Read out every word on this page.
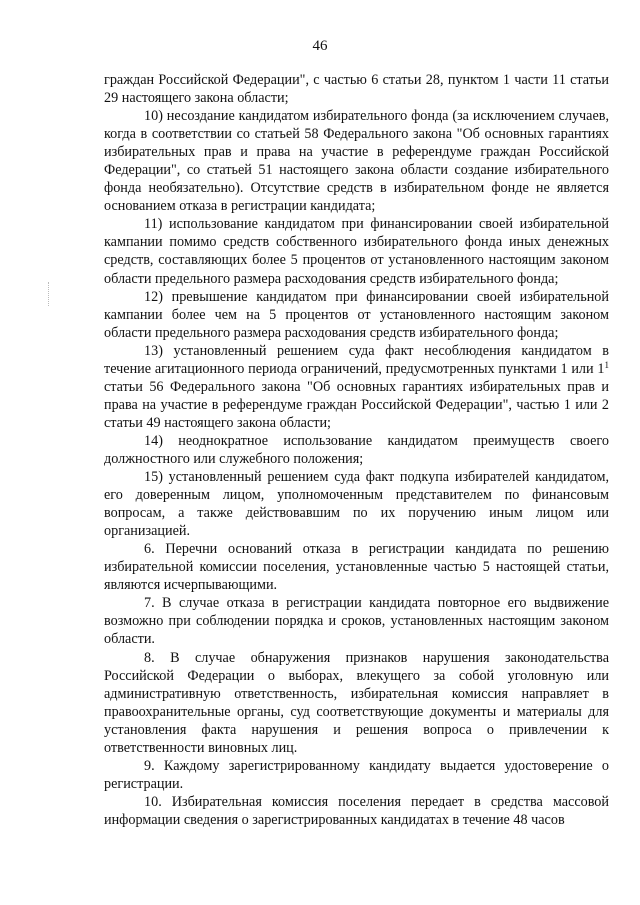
46

граждан Российской Федерации", с частью 6 статьи 28, пунктом 1 части 11 статьи 29 настоящего закона области;

10) несоздание кандидатом избирательного фонда (за исключением случаев, когда в соответствии со статьей 58 Федерального закона "Об основных гарантиях избирательных прав и права на участие в референдуме граждан Российской Федерации", со статьей 51 настоящего закона области создание избирательного фонда необязательно). Отсутствие средств в избирательном фонде не является основанием отказа в регистрации кандидата;

11) использование кандидатом при финансировании своей избирательной кампании помимо средств собственного избирательного фонда иных денежных средств, составляющих более 5 процентов от установленного настоящим законом области предельного размера расходования средств избирательного фонда;

12) превышение кандидатом при финансировании своей избирательной кампании более чем на 5 процентов от установленного настоящим законом области предельного размера расходования средств избирательного фонда;

13) установленный решением суда факт несоблюдения кандидатом в течение агитационного периода ограничений, предусмотренных пунктами 1 или $1^1$ статьи 56 Федерального закона "Об основных гарантиях избирательных прав и права на участие в референдуме граждан Российской Федерации", частью 1 или 2 статьи 49 настоящего закона области;

14) неоднократное использование кандидатом преимуществ своего должностного или служебного положения;

15) установленный решением суда факт подкупа избирателей кандидатом, его доверенным лицом, уполномоченным представителем по финансовым вопросам, а также действовавшим по их поручению иным лицом или организацией.

6. Перечни оснований отказа в регистрации кандидата по решению избирательной комиссии поселения, установленные частью 5 настоящей статьи, являются исчерпывающими.

7. В случае отказа в регистрации кандидата повторное его выдвижение возможно при соблюдении порядка и сроков, установленных настоящим законом области.

8. В случае обнаружения признаков нарушения законодательства Российской Федерации о выборах, влекущего за собой уголовную или административную ответственность, избирательная комиссия направляет в правоохранительные органы, суд соответствующие документы и материалы для установления факта нарушения и решения вопроса о привлечении к ответственности виновных лиц.

9. Каждому зарегистрированному кандидату выдается удостоверение о регистрации.

10. Избирательная комиссия поселения передает в средства массовой информации сведения о зарегистрированных кандидатах в течение 48 часов
